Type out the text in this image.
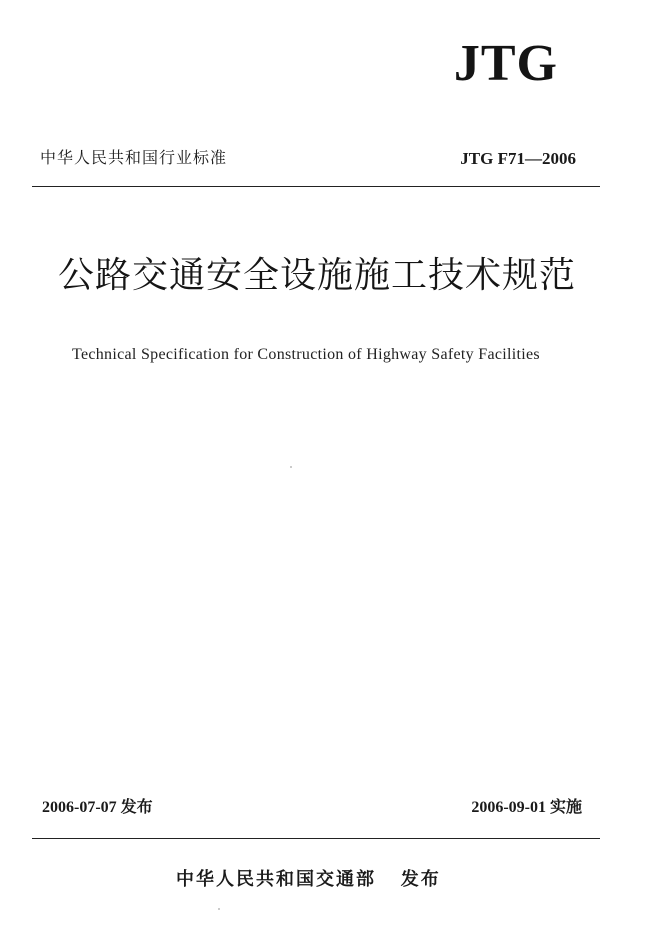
JTG
中华人民共和国行业标准	JTG F71—2006
公路交通安全设施施工技术规范
Technical Specification for Construction of Highway Safety Facilities
2006-07-07 发布	2006-09-01 实施
中华人民共和国交通部   发布
